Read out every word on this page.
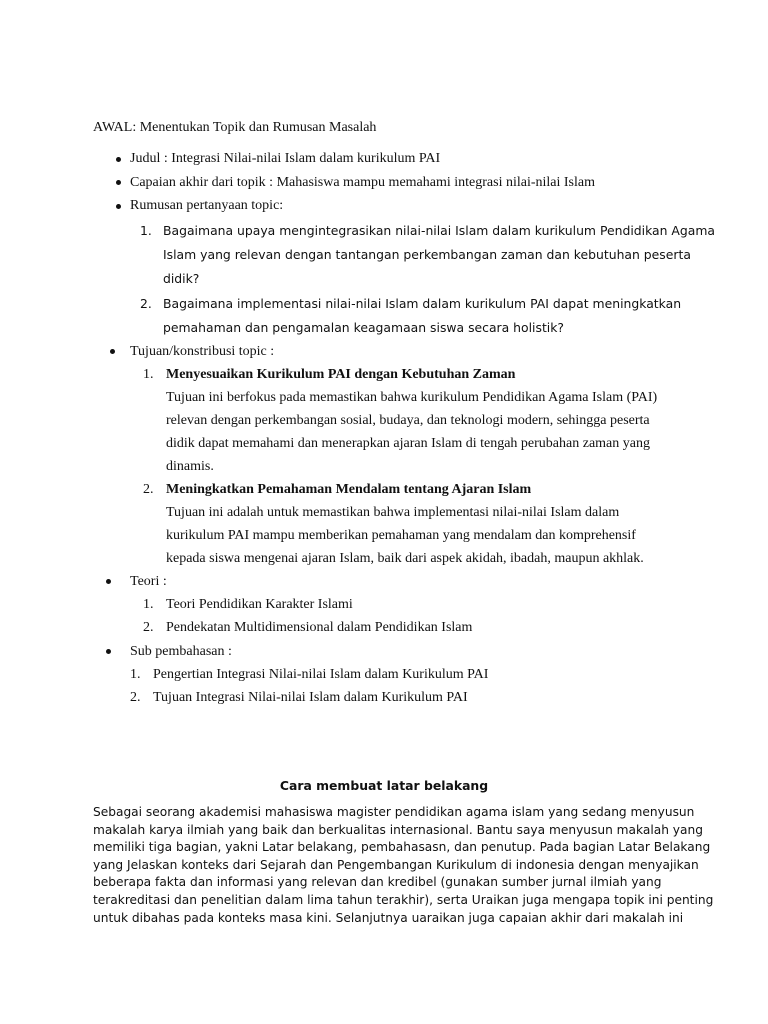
AWAL: Menentukan Topik dan Rumusan Masalah
Judul : Integrasi Nilai-nilai Islam dalam kurikulum PAI
Capaian akhir dari topik : Mahasiswa mampu memahami integrasi nilai-nilai Islam
Rumusan pertanyaan topic:
1. Bagaimana upaya mengintegrasikan nilai-nilai Islam dalam kurikulum Pendidikan Agama
Islam yang relevan dengan tantangan perkembangan zaman dan kebutuhan peserta
didik?
2. Bagaimana implementasi nilai-nilai Islam dalam kurikulum PAI dapat meningkatkan
pemahaman dan pengamalan keagamaan siswa secara holistik?
Tujuan/konstribusi topic :
1. Menyesuaikan Kurikulum PAI dengan Kebutuhan Zaman
Tujuan ini berfokus pada memastikan bahwa kurikulum Pendidikan Agama Islam (PAI)
relevan dengan perkembangan sosial, budaya, dan teknologi modern, sehingga peserta
didik dapat memahami dan menerapkan ajaran Islam di tengah perubahan zaman yang
dinamis.
2. Meningkatkan Pemahaman Mendalam tentang Ajaran Islam
Tujuan ini adalah untuk memastikan bahwa implementasi nilai-nilai Islam dalam
kurikulum PAI mampu memberikan pemahaman yang mendalam dan komprehensif
kepada siswa mengenai ajaran Islam, baik dari aspek akidah, ibadah, maupun akhlak.
Teori :
1. Teori Pendidikan Karakter Islami
2. Pendekatan Multidimensional dalam Pendidikan Islam
Sub pembahasan :
1. Pengertian Integrasi Nilai-nilai Islam dalam Kurikulum PAI
2. Tujuan Integrasi Nilai-nilai Islam dalam Kurikulum PAI
Cara membuat latar belakang
Sebagai seorang akademisi mahasiswa magister pendidikan agama islam yang sedang menyusun
makalah karya ilmiah yang baik dan berkualitas internasional. Bantu saya menyusun makalah yang
memiliki tiga bagian, yakni Latar belakang, pembahasasn, dan penutup. Pada bagian Latar Belakang
yang Jelaskan konteks dari Sejarah dan Pengembangan Kurikulum di indonesia dengan menyajikan
beberapa fakta dan informasi yang relevan dan kredibel (gunakan sumber jurnal ilmiah yang
terakreditasi dan penelitian dalam lima tahun terakhir), serta Uraikan juga mengapa topik ini penting
untuk dibahas pada konteks masa kini. Selanjutnya uaraikan juga capaian akhir dari makalah ini
